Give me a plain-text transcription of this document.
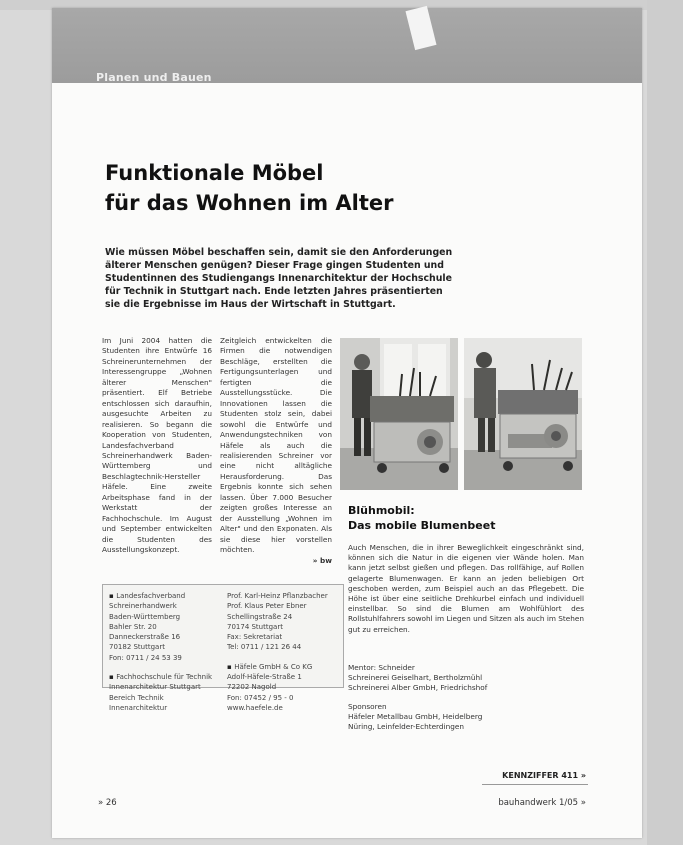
Planen und Bauen
Funktionale Möbel
für das Wohnen im Alter
Wie müssen Möbel beschaffen sein, damit sie den Anforderungen älterer Menschen genügen? Dieser Frage gingen Studenten und Studentinnen des Studiengangs Innenarchitektur der Hochschule für Technik in Stuttgart nach. Ende letzten Jahres präsentierten sie die Ergebnisse im Haus der Wirtschaft in Stuttgart.
Im Juni 2004 hatten die Studenten ihre Entwürfe 16 Schreinerunternehmen der Interessengruppe „Wohnen älterer Menschen" präsentiert. Elf Betriebe entschlossen sich daraufhin, ausgesuchte Arbeiten zu realisieren. So begann die Kooperation von Studenten, Landesfachverband Schreinerhandwerk Baden-Württemberg und Beschlagtechnik-Hersteller Häfele. Eine zweite Arbeitsphase fand in der Werkstatt der Fachhochschule. Im August und September entwickelten die Studenten des Ausstellungskonzept.
Zeitgleich entwickelten die Firmen die notwendigen Beschläge, erstellten die Fertigungsunterlagen und fertigten die Ausstellungsstücke. Die Innovationen lassen die Studenten stolz sein, dabei sowohl die Entwürfe und Anwendungstechniken von Häfele als auch die realisierenden Schreiner vor eine nicht alltägliche Herausforderung. Das Ergebnis konnte sich sehen lassen. Über 7.000 Besucher zeigten großes Interesse an der Ausstellung „Wohnen im Alter" und den Exponaten. Als sie diese hier vorstellen möchten.
» bw
▪ Landesfachverband
Schreinerhandwerk
Baden-Württemberg
Bahler Str. 20
Danneckerstraße 16
70182 Stuttgart
Fon: 0711 / 24 53 39
▪ Fachhochschule für Technik
Innenarchitektur Stuttgart
Bereich Technik
Innenarchitektur
Prof. Karl-Heinz Pflanzbacher
Prof. Klaus Peter Ebner
Schellingstraße 24
70174 Stuttgart
Fax: Sekretariat
Tel: 0711 / 121 26 44
▪ Häfele GmbH & Co KG
Adolf-Häfele-Straße 1
72202 Nagold
Fon: 07452 / 95 - 0
www.haefele.de
Blühmobil:
Das mobile Blumenbeet
Auch Menschen, die in ihrer Beweglichkeit eingeschränkt sind, können sich die Natur in die eigenen vier Wände holen. Man kann jetzt selbst gießen und pflegen. Das rollfähige, auf Rollen gelagerte Blumenwagen. Er kann an jeden beliebigen Ort geschoben werden, zum Beispiel auch an das Pflegebett. Die Höhe ist über eine seitliche Drehkurbel einfach und individuell einstellbar. So sind die Blumen am Wohlfühlort des Rollstuhlfahrers sowohl im Liegen und Sitzen als auch im Stehen gut zu erreichen.
Mentor: Schneider
Schreinerei Geiselhart, Bertholzmühl
Schreinerei Alber GmbH, Friedrichshof
Sponsoren
Häfeler Metallbau GmbH, Heidelberg
Nüring, Leinfelder-Echterdingen
KENNZIFFER 411 »
» 26	bauhandwerk 1/05 »
